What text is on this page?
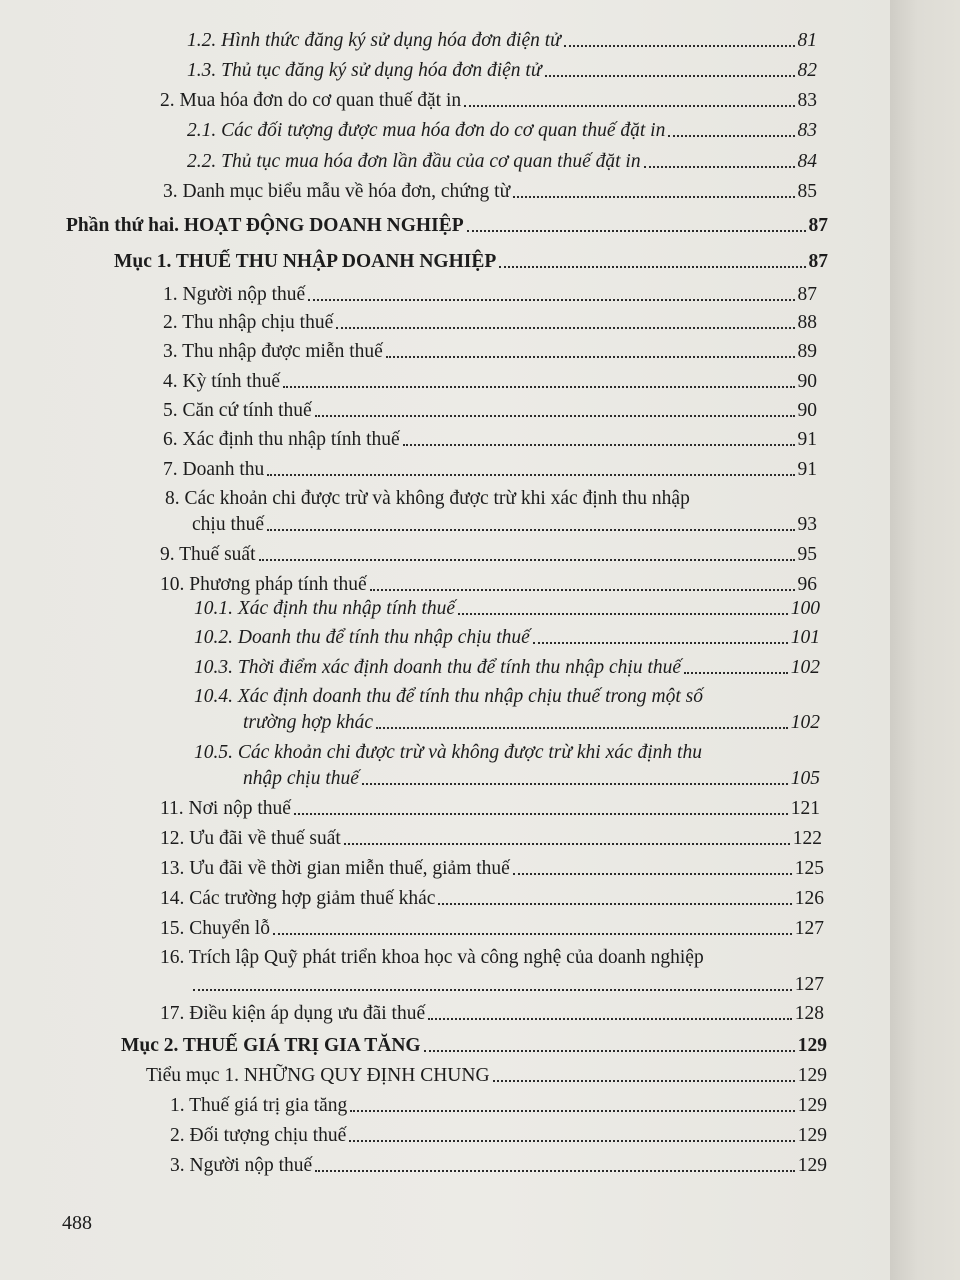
1.2. Hình thức đăng ký sử dụng hóa đơn điện tử	81
1.3. Thủ tục đăng ký sử dụng hóa đơn điện tử	82
2. Mua hóa đơn do cơ quan thuế đặt in	83
2.1. Các đối tượng được mua hóa đơn do cơ quan thuế đặt in	83
2.2. Thủ tục mua hóa đơn lần đầu của cơ quan thuế đặt in	84
3. Danh mục biểu mẫu về hóa đơn, chứng từ	85
Phần thứ hai. HOẠT ĐỘNG DOANH NGHIỆP	87
Mục 1. THUẾ THU NHẬP DOANH NGHIỆP	87
1. Người nộp thuế	87
2. Thu nhập chịu thuế	88
3. Thu nhập được miễn thuế	89
4. Kỳ tính thuế	90
5. Căn cứ tính thuế	90
6. Xác định thu nhập tính thuế	91
7. Doanh thu	91
8. Các khoản chi được trừ và không được trừ khi xác định thu nhập
chịu thuế	93
9. Thuế suất	95
10. Phương pháp tính thuế	96
10.1. Xác định thu nhập tính thuế	100
10.2. Doanh thu để tính thu nhập chịu thuế	101
10.3. Thời điểm xác định doanh thu để tính thu nhập chịu thuế	102
10.4. Xác định doanh thu để tính thu nhập chịu thuế trong một số
trường hợp khác	102
10.5. Các khoản chi được trừ và không được trừ khi xác định thu
nhập chịu thuế	105
11. Nơi nộp thuế	121
12. Ưu đãi về thuế suất	122
13. Ưu đãi về thời gian miễn thuế, giảm thuế	125
14. Các trường hợp giảm thuế khác	126
15. Chuyển lỗ	127
16. Trích lập Quỹ phát triển khoa học và công nghệ của doanh nghiệp
127
17. Điều kiện áp dụng ưu đãi thuế	128
Mục 2. THUẾ GIÁ TRỊ GIA TĂNG	129
Tiểu mục 1. NHỮNG QUY ĐỊNH CHUNG	129
1. Thuế giá trị gia tăng	129
2. Đối tượng chịu thuế	129
3. Người nộp thuế	129
488
